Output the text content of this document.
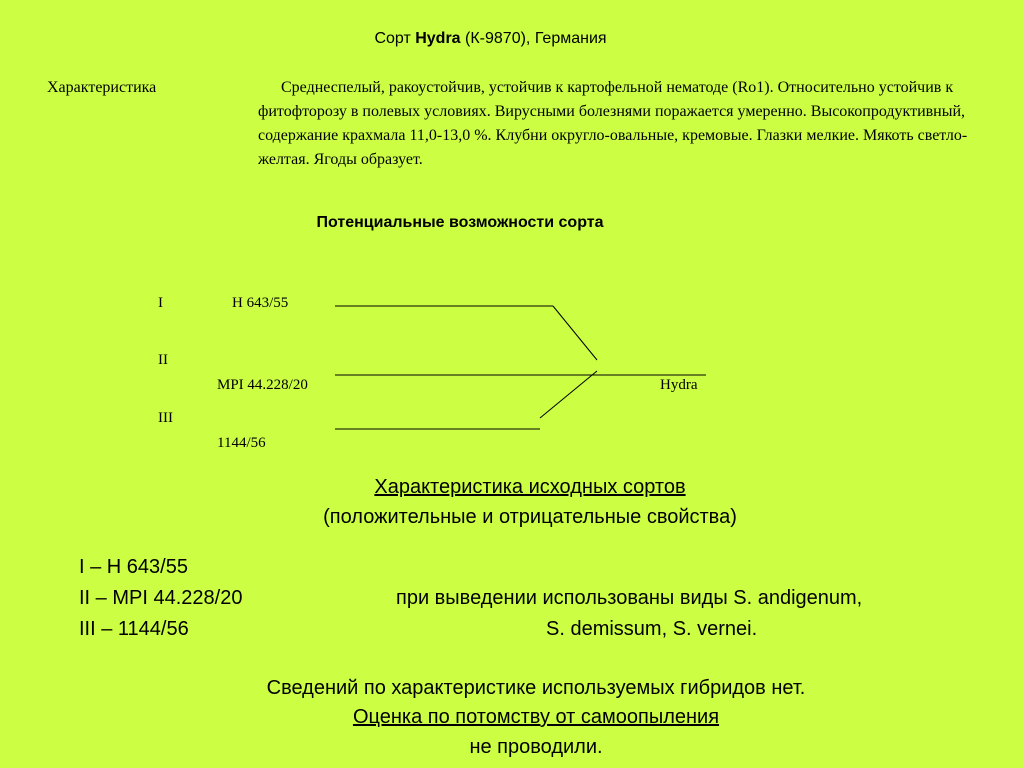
Сорт Hydra (К-9870), Германия
Характеристика	Среднеспелый, ракоустойчив, устойчив к картофельной нематоде (Ro1). Относительно устойчив к фитофторозу в полевых условиях. Вирусными болезнями поражается умеренно. Высокопродуктивный, содержание крахмала 11,0-13,0 %. Клубни округло-овальные, кремовые. Глазки мелкие. Мякоть светло-желтая. Ягоды образует.
Потенциальные возможности сорта
I	Н 643/55
II
MPI 44.228/20
III
1144/56
Hydra
Характеристика исходных сортов
(положительные и отрицательные свойства)
I – Н 643/55
II – MPI 44.228/20
III – 1144/56
при выведении использованы виды S. andigenum,
S. demissum, S. vernei.
Сведений по характеристике используемых гибридов нет.
Оценка по потомству от самоопыления
не проводили.
